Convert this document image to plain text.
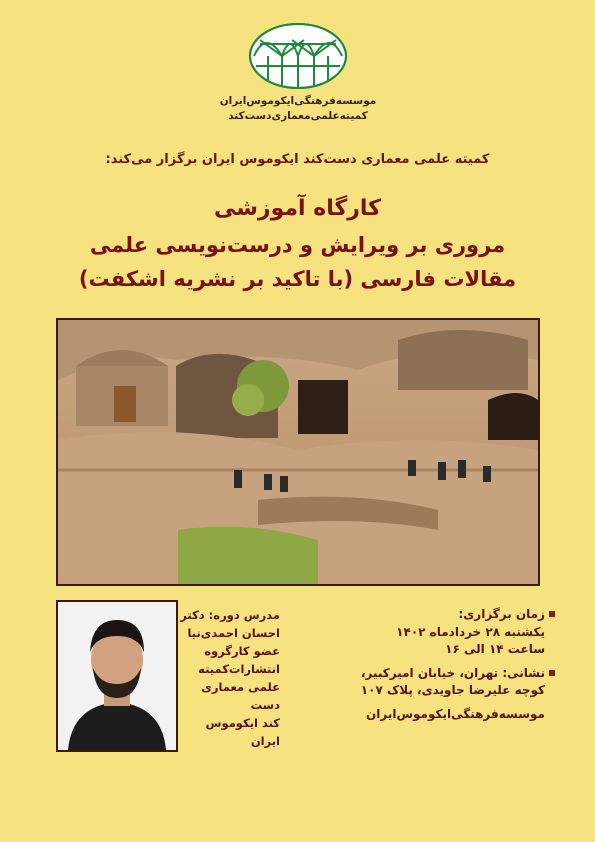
موسسه‌فرهنگی‌ایکوموس‌ایران
کمیته‌علمی‌معماری‌دست‌کند
کمیته علمی معماری دست‌کند ایکوموس ایران برگزار می‌کند:
کارگاه آموزشی
مروری بر ویرایش و درست‌نویسی علمی
مقالات فارسی (با تاکید بر نشریه اشکفت)
مدرس دوره: دکتر
احسان احمدی‌نیا
عضو کارگروه
انتشارات‌کمیته
علمی معماری دست
کند ایکوموس ایران
زمان برگزاری:
یکشنبه ۲۸ خردادماه ۱۴۰۲
ساعت ۱۴ الی ۱۶
نشانی: تهران، خیابان امیرکبیر،
کوچه علیرضا جاویدی، پلاک ۱۰۷
موسسه‌فرهنگی‌ایکوموس‌ایران
